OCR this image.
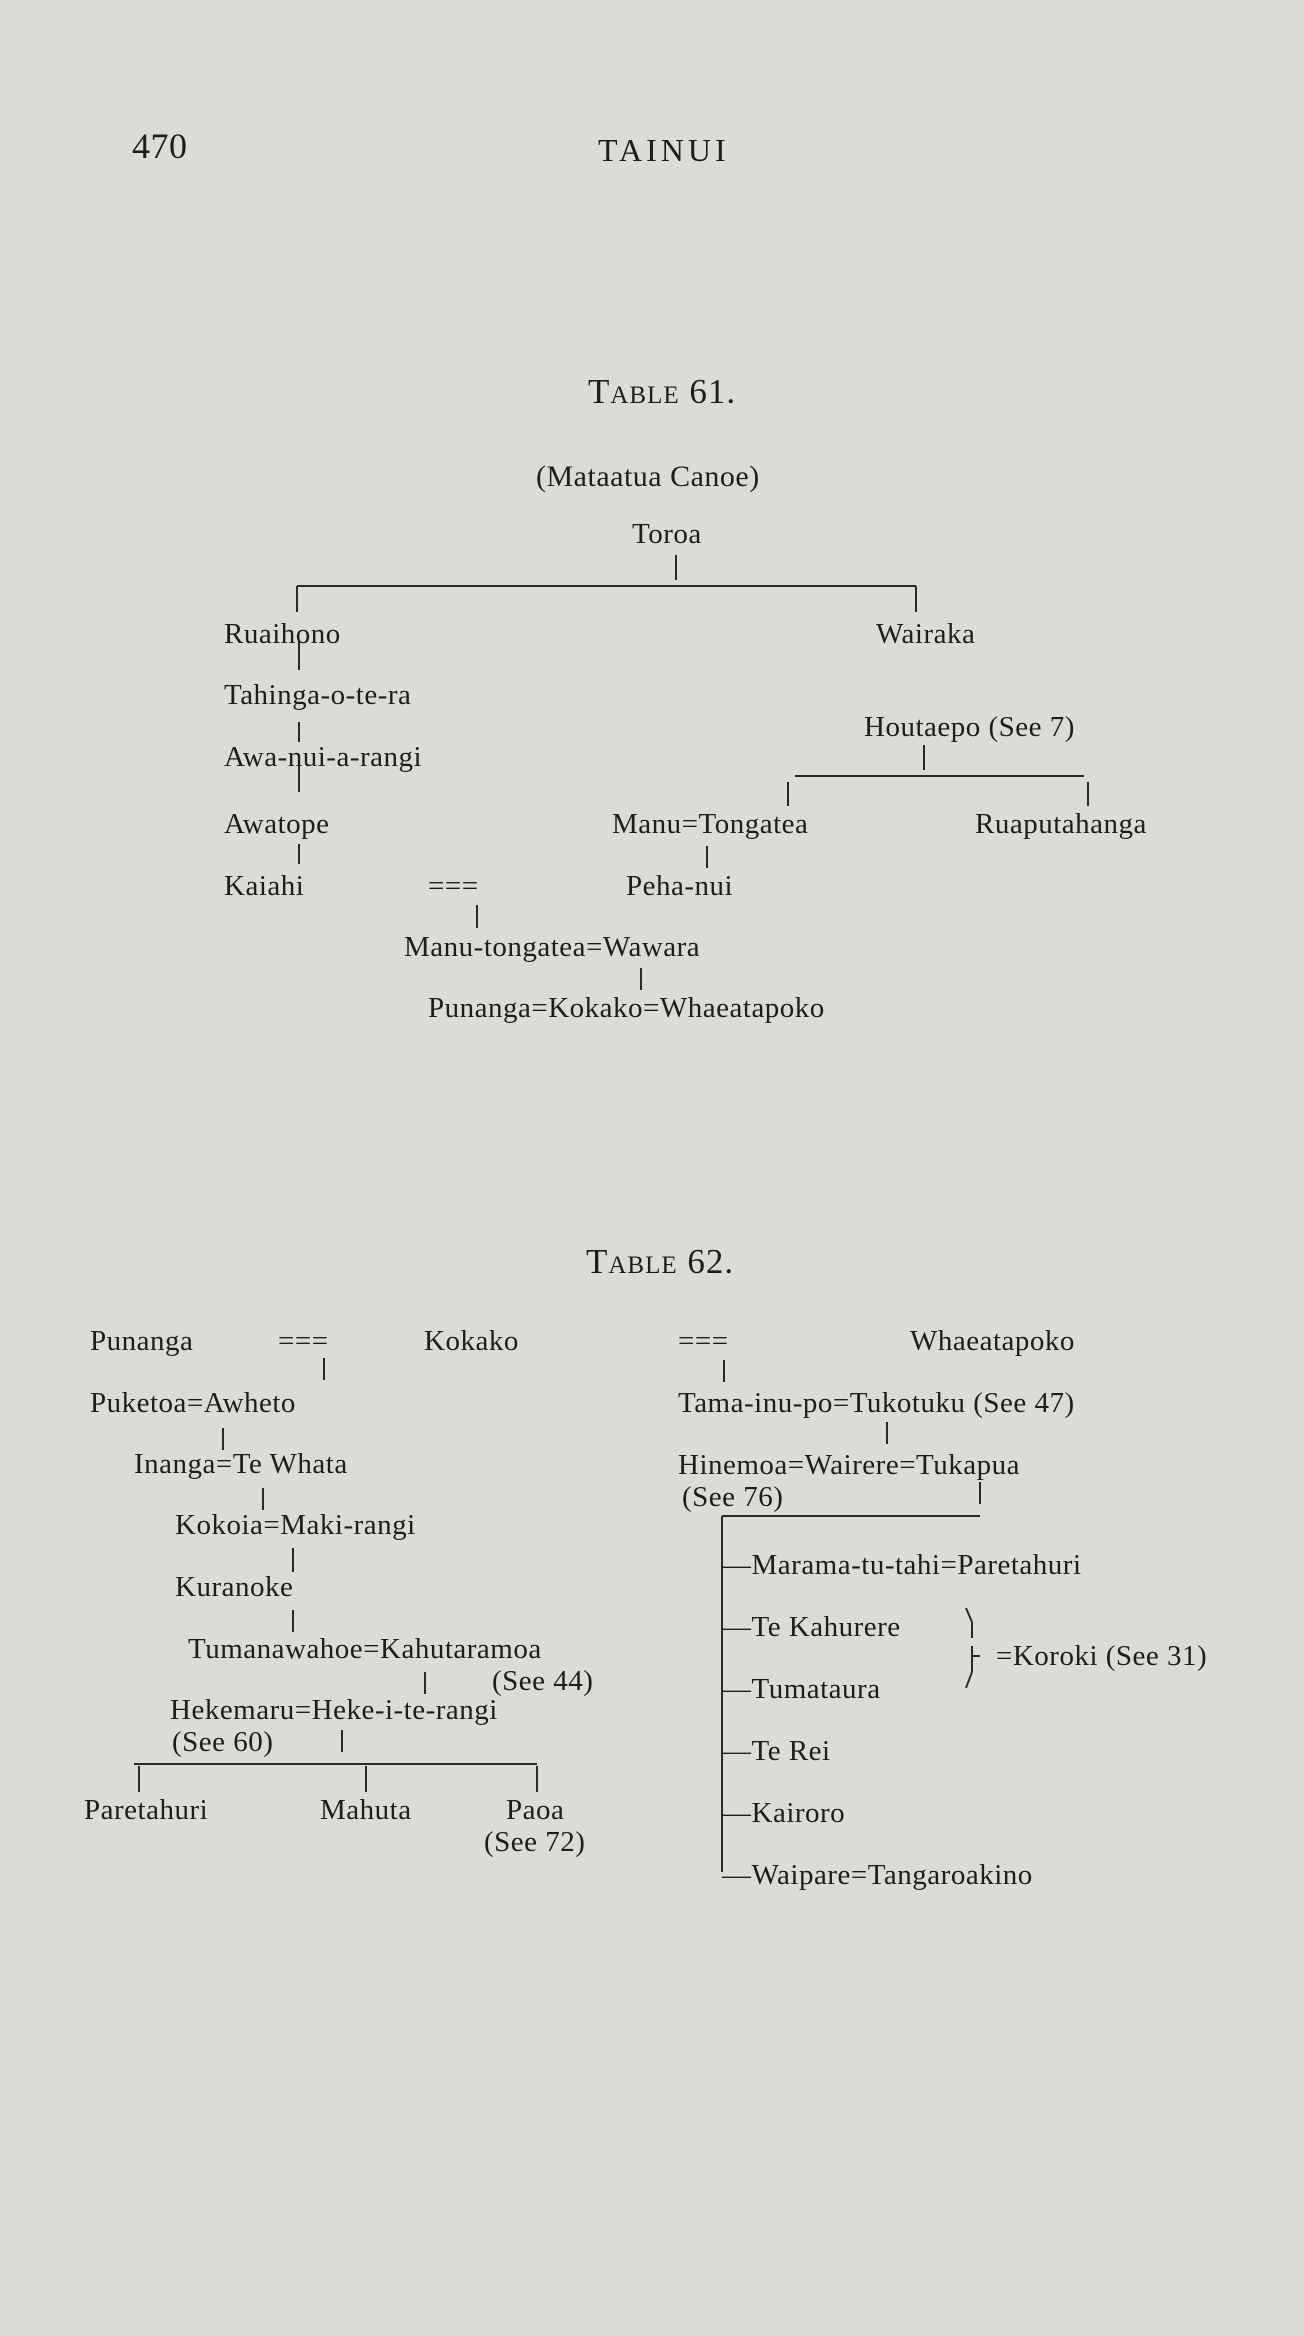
470	TAINUI
Table 61.
(Mataatua Canoe)
Toroa
Ruaihono
Tahinga-o-te-ra
Awa-nui-a-rangi
Awatope
Kaiahi	===
Wairaka
Houtaepo (See 7)
Manu=Tongatea	Ruaputahanga
Peha-nui
Manu-tongatea=Wawara
Punanga=Kokako=Whaeatapoko
Table 62.
Punanga	===	Kokako	===	Whaeatapoko
Puketoa=Awheto
Inanga=Te Whata
Kokoia=Maki-rangi
Kuranoke
Tumanawahoe=Kahutaramoa
(See 44)
Hekemaru=Heke-i-te-rangi
(See 60)
Paretahuri	Mahuta	Paoa
(See 72)
Tama-inu-po=Tukotuku (See 47)
Hinemoa=Wairere=Tukapua
(See 76)
—Marama-tu-tahi=Paretahuri
—Te Kahurere
—Tumataura
—Te Rei
—Kairoro
—Waipare=Tangaroakino
=Koroki (See 31)
